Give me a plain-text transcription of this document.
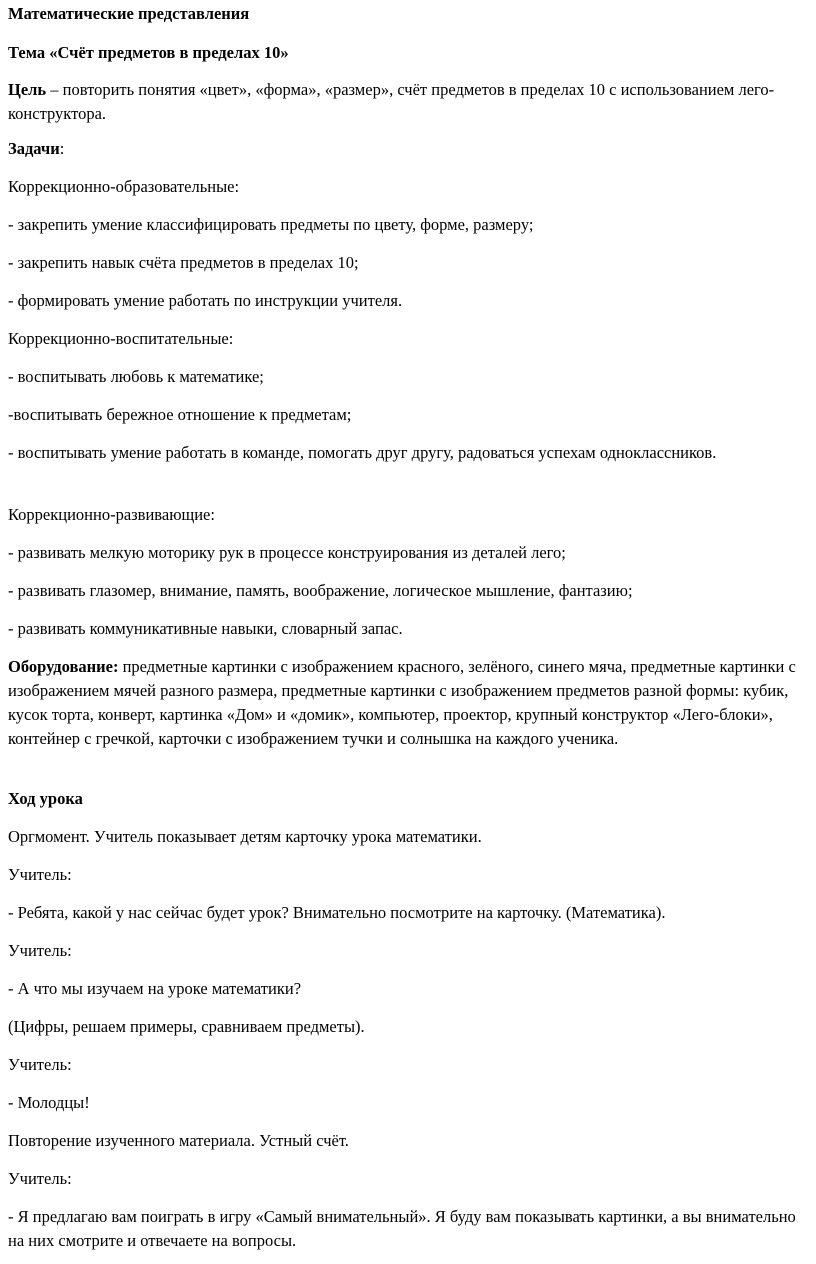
Математические представления

Тема «Счёт предметов в пределах 10»

Цель – повторить понятия «цвет», «форма», «размер», счёт предметов в пределах 10 с использованием лего-конструктора.

Задачи:

Коррекционно-образовательные:

- закрепить умение классифицировать предметы по цвету, форме, размеру;

- закрепить навык счёта предметов в пределах 10;

- формировать умение работать по инструкции учителя.

Коррекционно-воспитательные:

- воспитывать любовь к математике;

-воспитывать бережное отношение к предметам;

- воспитывать умение работать в команде, помогать друг другу, радоваться успехам одноклассников.

Коррекционно-развивающие:

- развивать мелкую моторику рук в процессе конструирования из деталей лего;

- развивать глазомер, внимание, память, воображение, логическое мышление, фантазию;

- развивать коммуникативные навыки, словарный запас.

Оборудование: предметные картинки с изображением красного, зелёного, синего мяча, предметные картинки с изображением мячей разного размера, предметные картинки с изображением предметов разной формы: кубик, кусок торта, конверт, картинка «Дом» и «домик», компьютер, проектор, крупный конструктор «Лего-блоки», контейнер с гречкой, карточки с изображением тучки и солнышка на каждого ученика.

Ход урока

Оргмомент. Учитель показывает детям карточку урока математики.

Учитель:

- Ребята, какой у нас сейчас будет урок? Внимательно посмотрите на карточку. (Математика).

Учитель:

- А что мы изучаем на уроке математики?

(Цифры, решаем примеры, сравниваем предметы).

Учитель:

- Молодцы!

Повторение изученного материала. Устный счёт.

Учитель:

- Я предлагаю вам поиграть в игру «Самый внимательный». Я буду вам показывать картинки, а вы внимательно на них смотрите и отвечаете на вопросы.
